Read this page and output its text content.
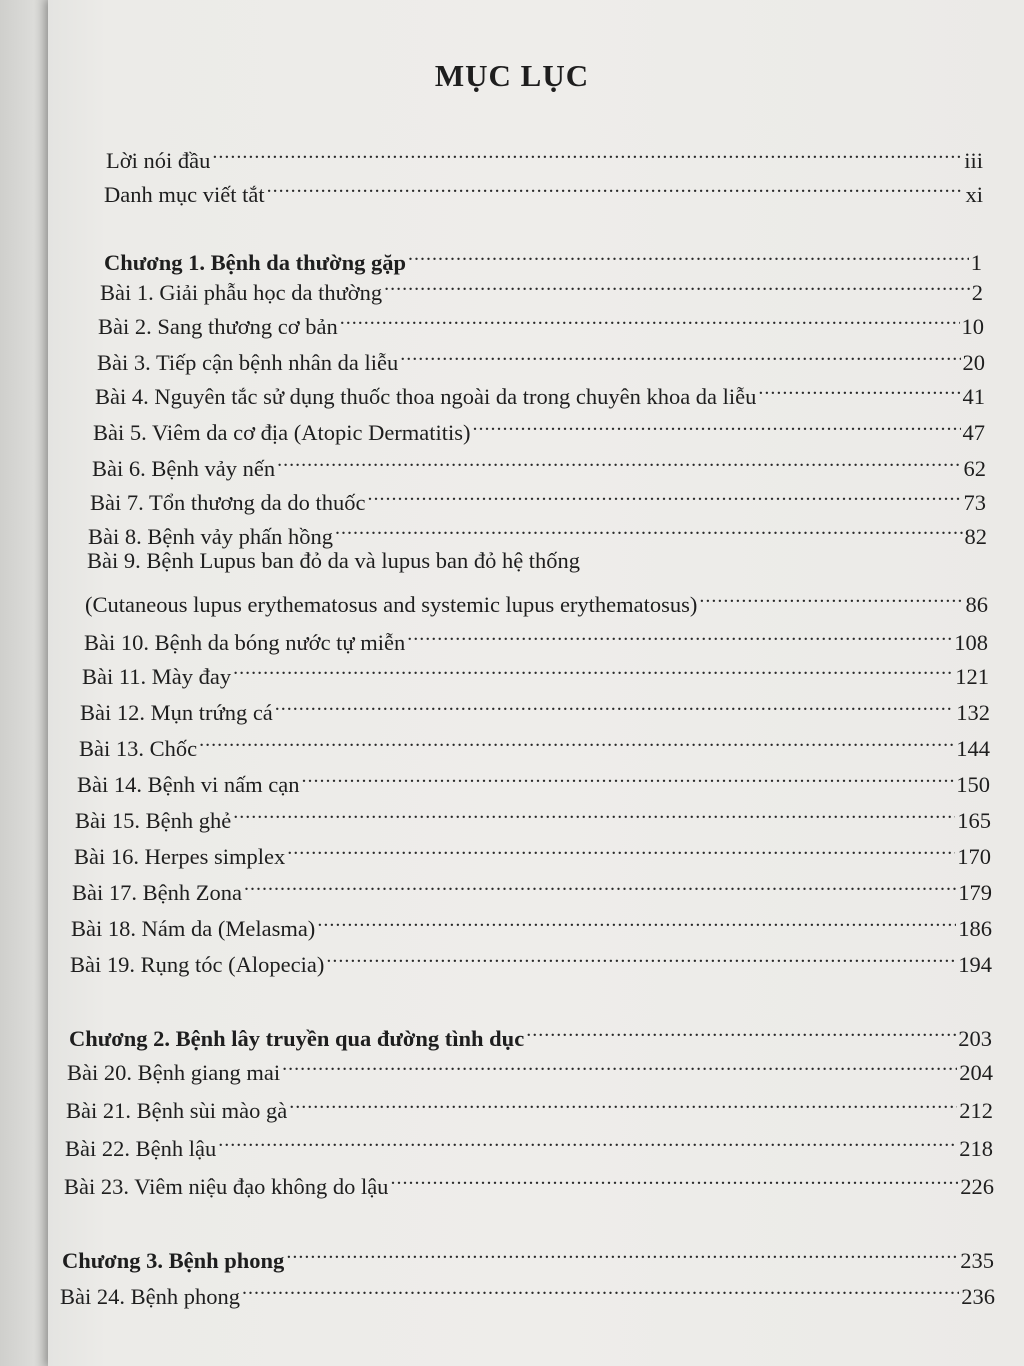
MỤC LỤC
Lời nói đầu .....	iii
Danh mục viết tắt .....	xi
Chương 1. Bệnh da thường gặp .....	1
Bài 1. Giải phẫu học da thường .....	2
Bài 2. Sang thương cơ bản .....	10
Bài 3. Tiếp cận bệnh nhân da liễu .....	20
Bài 4. Nguyên tắc sử dụng thuốc thoa ngoài da trong chuyên khoa da liễu .....	41
Bài 5. Viêm da cơ địa (Atopic Dermatitis) .....	47
Bài 6. Bệnh vảy nến .....	62
Bài 7. Tổn thương da do thuốc .....	73
Bài 8. Bệnh vảy phấn hồng .....	82
Bài 9. Bệnh Lupus ban đỏ da và lupus ban đỏ hệ thống
(Cutaneous lupus erythematosus and systemic lupus erythematosus) .....	86
Bài 10. Bệnh da bóng nước tự miễn .....	108
Bài 11. Mày đay .....	121
Bài 12. Mụn trứng cá .....	132
Bài 13. Chốc .....	144
Bài 14. Bệnh vi nấm cạn .....	150
Bài 15. Bệnh ghẻ .....	165
Bài 16. Herpes simplex .....	170
Bài 17. Bệnh Zona .....	179
Bài 18. Nám da (Melasma) .....	186
Bài 19. Rụng tóc (Alopecia) .....	194
Chương 2. Bệnh lây truyền qua đường tình dục .....	203
Bài 20. Bệnh giang mai .....	204
Bài 21. Bệnh sùi mào gà .....	212
Bài 22. Bệnh lậu .....	218
Bài 23. Viêm niệu đạo không do lậu .....	226
Chương 3. Bệnh phong .....	235
Bài 24. Bệnh phong .....	236
